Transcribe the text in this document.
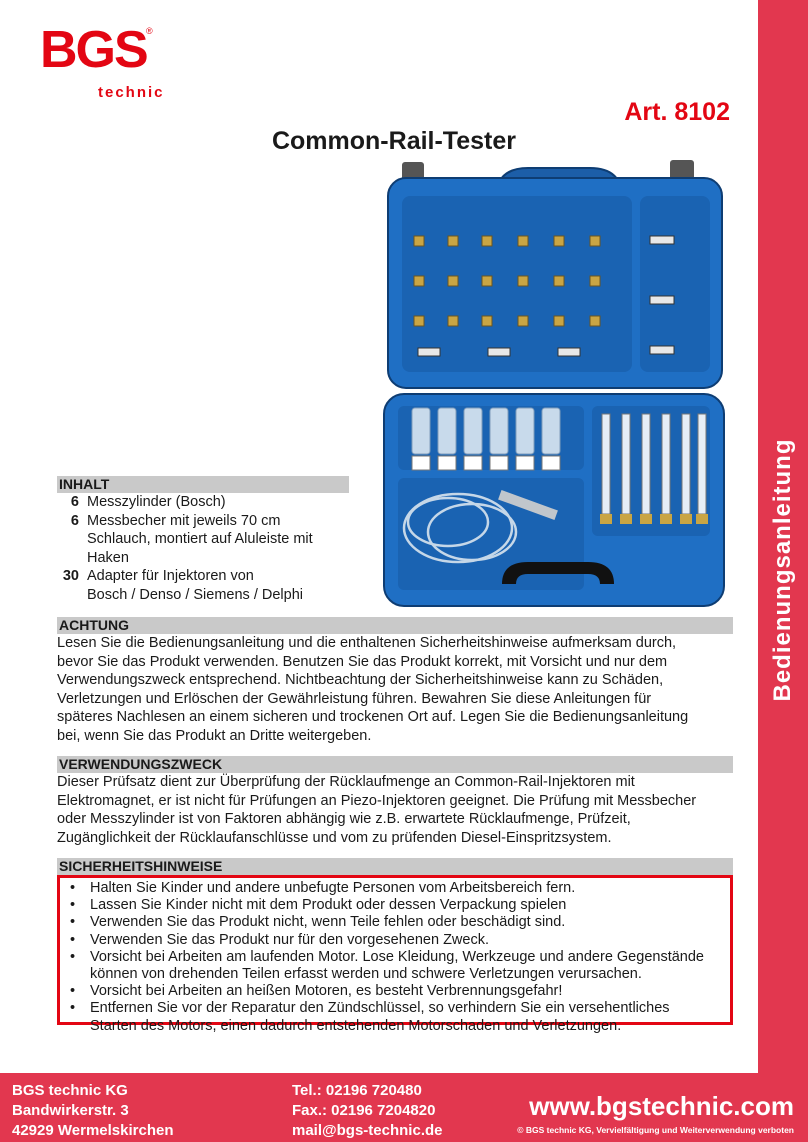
BGS ®
technic
Art. 8102
Common-Rail-Tester
Bedienungsanleitung
INHALT
6 Messzylinder (Bosch)
6 Messbecher mit jeweils 70 cm
Schlauch, montiert auf Aluleiste mit
Haken
30 Adapter für Injektoren von
Bosch / Denso / Siemens / Delphi
ACHTUNG
Lesen Sie die Bedienungsanleitung und die enthaltenen Sicherheitshinweise aufmerksam durch,
bevor Sie das Produkt verwenden. Benutzen Sie das Produkt korrekt, mit Vorsicht und nur dem
Verwendungszweck entsprechend. Nichtbeachtung der Sicherheitshinweise kann zu Schäden,
Verletzungen und Erlöschen der Gewährleistung führen. Bewahren Sie diese Anleitungen für
späteres Nachlesen an einem sicheren und trockenen Ort auf. Legen Sie die Bedienungsanleitung
bei, wenn Sie das Produkt an Dritte weitergeben.
VERWENDUNGSZWECK
Dieser Prüfsatz dient zur Überprüfung der Rücklaufmenge an Common-Rail-Injektoren mit
Elektromagnet, er ist nicht für Prüfungen an Piezo-Injektoren geeignet. Die Prüfung mit Messbecher
oder Messzylinder ist von Faktoren abhängig wie z.B. erwartete Rücklaufmenge, Prüfzeit,
Zugänglichkeit der Rücklaufanschlüsse und vom zu prüfenden Diesel-Einspritzsystem.
SICHERHEITSHINWEISE
• Halten Sie Kinder und andere unbefugte Personen vom Arbeitsbereich fern.
• Lassen Sie Kinder nicht mit dem Produkt oder dessen Verpackung spielen
• Verwenden Sie das Produkt nicht, wenn Teile fehlen oder beschädigt sind.
• Verwenden Sie das Produkt nur für den vorgesehenen Zweck.
• Vorsicht bei Arbeiten am laufenden Motor. Lose Kleidung, Werkzeuge und andere Gegenstände
können von drehenden Teilen erfasst werden und schwere Verletzungen verursachen.
• Vorsicht bei Arbeiten an heißen Motoren, es besteht Verbrennungsgefahr!
• Entfernen Sie vor der Reparatur den Zündschlüssel, so verhindern Sie ein versehentliches
Starten des Motors, einen dadurch entstehenden Motorschaden und Verletzungen.
BGS technic KG
Bandwirkerstr. 3
42929 Wermelskirchen
Tel.: 02196 720480
Fax.: 02196 7204820
mail@bgs-technic.de
www.bgstechnic.com
© BGS technic KG, Vervielfältigung und Weiterverwendung verboten
